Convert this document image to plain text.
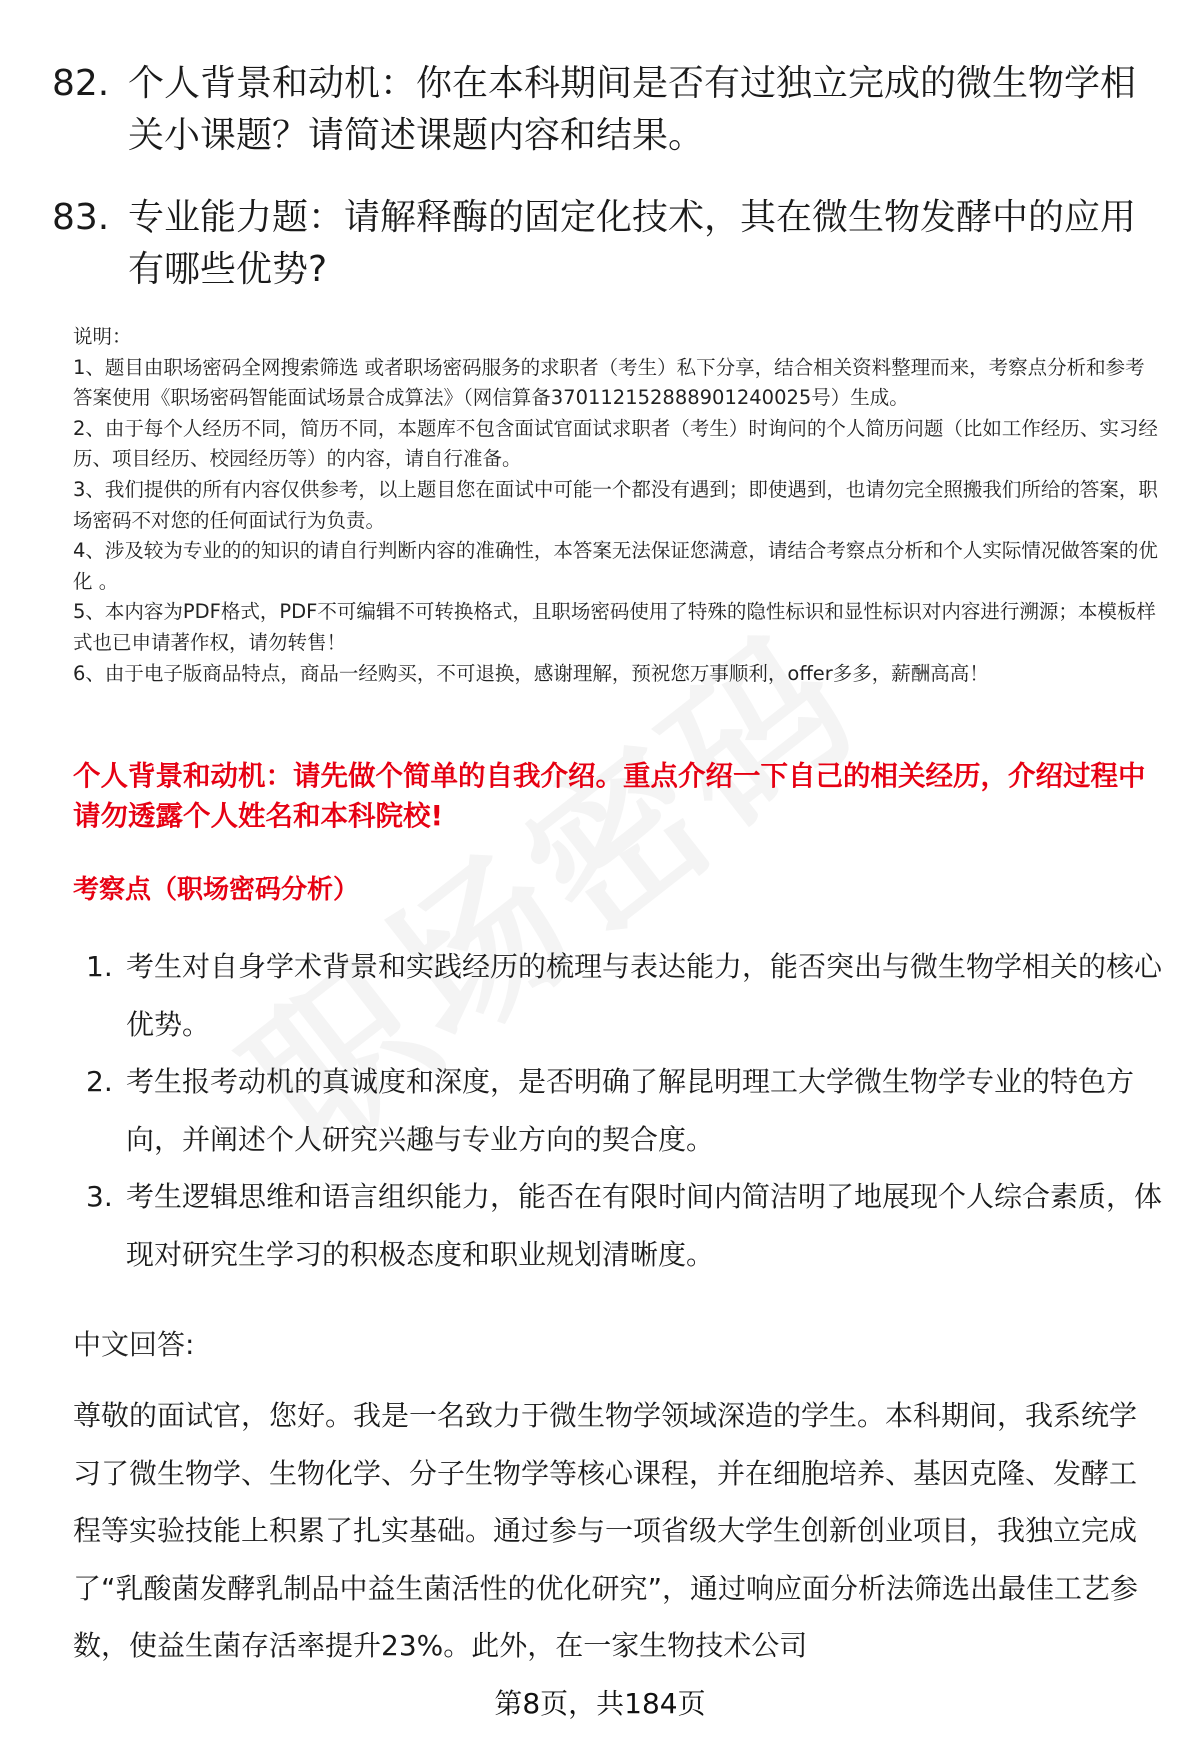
82. 个人背景和动机：你在本科期间是否有过独立完成的微生物学相关小课题？请简述课题内容和结果。
83. 专业能力题：请解释酶的固定化技术，其在微生物发酵中的应用有哪些优势?

说明：

1、题目由职场密码全网搜索筛选 或者职场密码服务的求职者（考生）私下分享，结合相关资料整理而来，考察点分析和参考答案使用《职场密码智能面试场景合成算法》（网信算备370112152888901240025号）生成。

2、由于每个人经历不同，简历不同，本题库不包含面试官面试求职者（考生）时询问的个人简历问题（比如工作经历、实习经历、项目经历、校园经历等）的内容，请自行准备。

3、我们提供的所有内容仅供参考，以上题目您在面试中可能一个都没有遇到；即使遇到，也请勿完全照搬我们所给的答案，职场密码不对您的任何面试行为负责。

4、涉及较为专业的的知识的请自行判断内容的准确性，本答案无法保证您满意，请结合考察点分析和个人实际情况做答案的优化 。

5、本内容为PDF格式，PDF不可编辑不可转换格式，且职场密码使用了特殊的隐性标识和显性标识对内容进行溯源；本模板样式也已申请著作权，请勿转售！

6、由于电子版商品特点，商品一经购买，不可退换，感谢理解，预祝您万事顺利，offer多多，薪酬高高！

个人背景和动机：请先做个简单的自我介绍。重点介绍一下自己的相关经历，介绍过程中请勿透露个人姓名和本科院校!
考察点（职场密码分析）
1. 考生对自身学术背景和实践经历的梳理与表达能力，能否突出与微生物学相关的核心优势。
2. 考生报考动机的真诚度和深度，是否明确了解昆明理工大学微生物学专业的特色方向，并阐述个人研究兴趣与专业方向的契合度。
3. 考生逻辑思维和语言组织能力，能否在有限时间内简洁明了地展现个人综合素质，体现对研究生学习的积极态度和职业规划清晰度。
中文回答:
尊敬的面试官，您好。我是一名致力于微生物学领域深造的学生。本科期间，我系统学习了微生物学、生物化学、分子生物学等核心课程，并在细胞培养、基因克隆、发酵工程等实验技能上积累了扎实基础。通过参与一项省级大学生创新创业项目，我独立完成了“乳酸菌发酵乳制品中益生菌活性的优化研究”，通过响应面分析法筛选出最佳工艺参数，使益生菌存活率提升23%。此外，在一家生物技术公司
第8页，共184页
